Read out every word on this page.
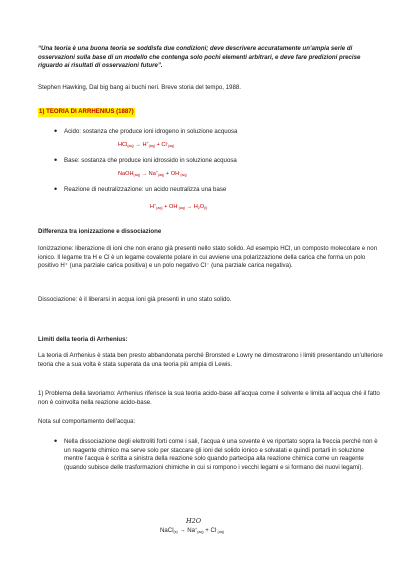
“Una teoria è una buona teoria se soddisfa due condizioni; deve descrivere accuratamente un’ampia serie di osservazioni sulla base di un modello che contenga solo pochi elementi arbitrari, e deve fare predizioni precise riguardo ai risultati di osservazioni future”.

Stephen Hawking, Dal big bang ai buchi neri. Breve storia del tempo, 1988.

1) TEORIA DI ARRHENIUS (1887)

• Acido: sostanza che produce ioni idrogeno in soluzione acquosa

$HCl_{(aq)} \to H^+_{(aq)} + Cl^-_{(aq)}$
• Base: sostanza che produce ioni idrossido in soluzione acquosa

NaOH$_{(aq)}$ → $Na^+_{(aq)} + OH^-_{(aq)}$
• Reazione di neutralizzazione: un acido neutralizza una base

$H^+_{(aq)} + OH^-_{(aq)} \to H_2O_{(l)}$

Differenza tra ionizzazione e dissociazione

Ionizzazione: liberazione di ioni che non erano già presenti nello stato solido. Ad esempio HCl, un composto molecolare e non ionico. Il legame tra H e Cl è un legame covalente polare in cui avviene una polarizzazione della carica che forma un polo positivo H⁺ (una parziale carica positiva) e un polo negativo Cl⁻ (una parziale carica negativa).

Dissociazione: è il liberarsi in acqua ioni già presenti in uno stato solido.

Limiti della teoria di Arrhenius:

La teoria di Arrhenius è stata ben presto abbandonata perché Bronsted e Lowry ne dimostrarono i limiti presentando un’ulteriore teoria che a sua volta è stata superata da una teoria più ampia di Lewis.

1) Problema della lavoriamo: Arrhenius riferisce la sua teoria acido-base all’acqua come il solvente e limita all’acqua ché il fatto non è coinvolta nella reazione acido-base.

Nota sul comportamento dell’acqua:

• Nella dissociazione degli elettroliti forti come i sali, l’acqua è una sovente è ve riportato sopra la freccia perché non è un reagente chimico ma serve solo per staccare gli ioni del solido ionico e solvatati e quindi portarli in soluzione mentre l’acqua è scritta a sinistra della reazione solo quando partecipa alla reazione chimica come un reagente (quando subisce delle trasformazioni chimiche in cui si rompono i vecchi legami e si formano dei nuovi legami).

H2O
NaCl$_{(s)}$ → $Na^+_{(aq)} + Cl^-_{(aq)}$
